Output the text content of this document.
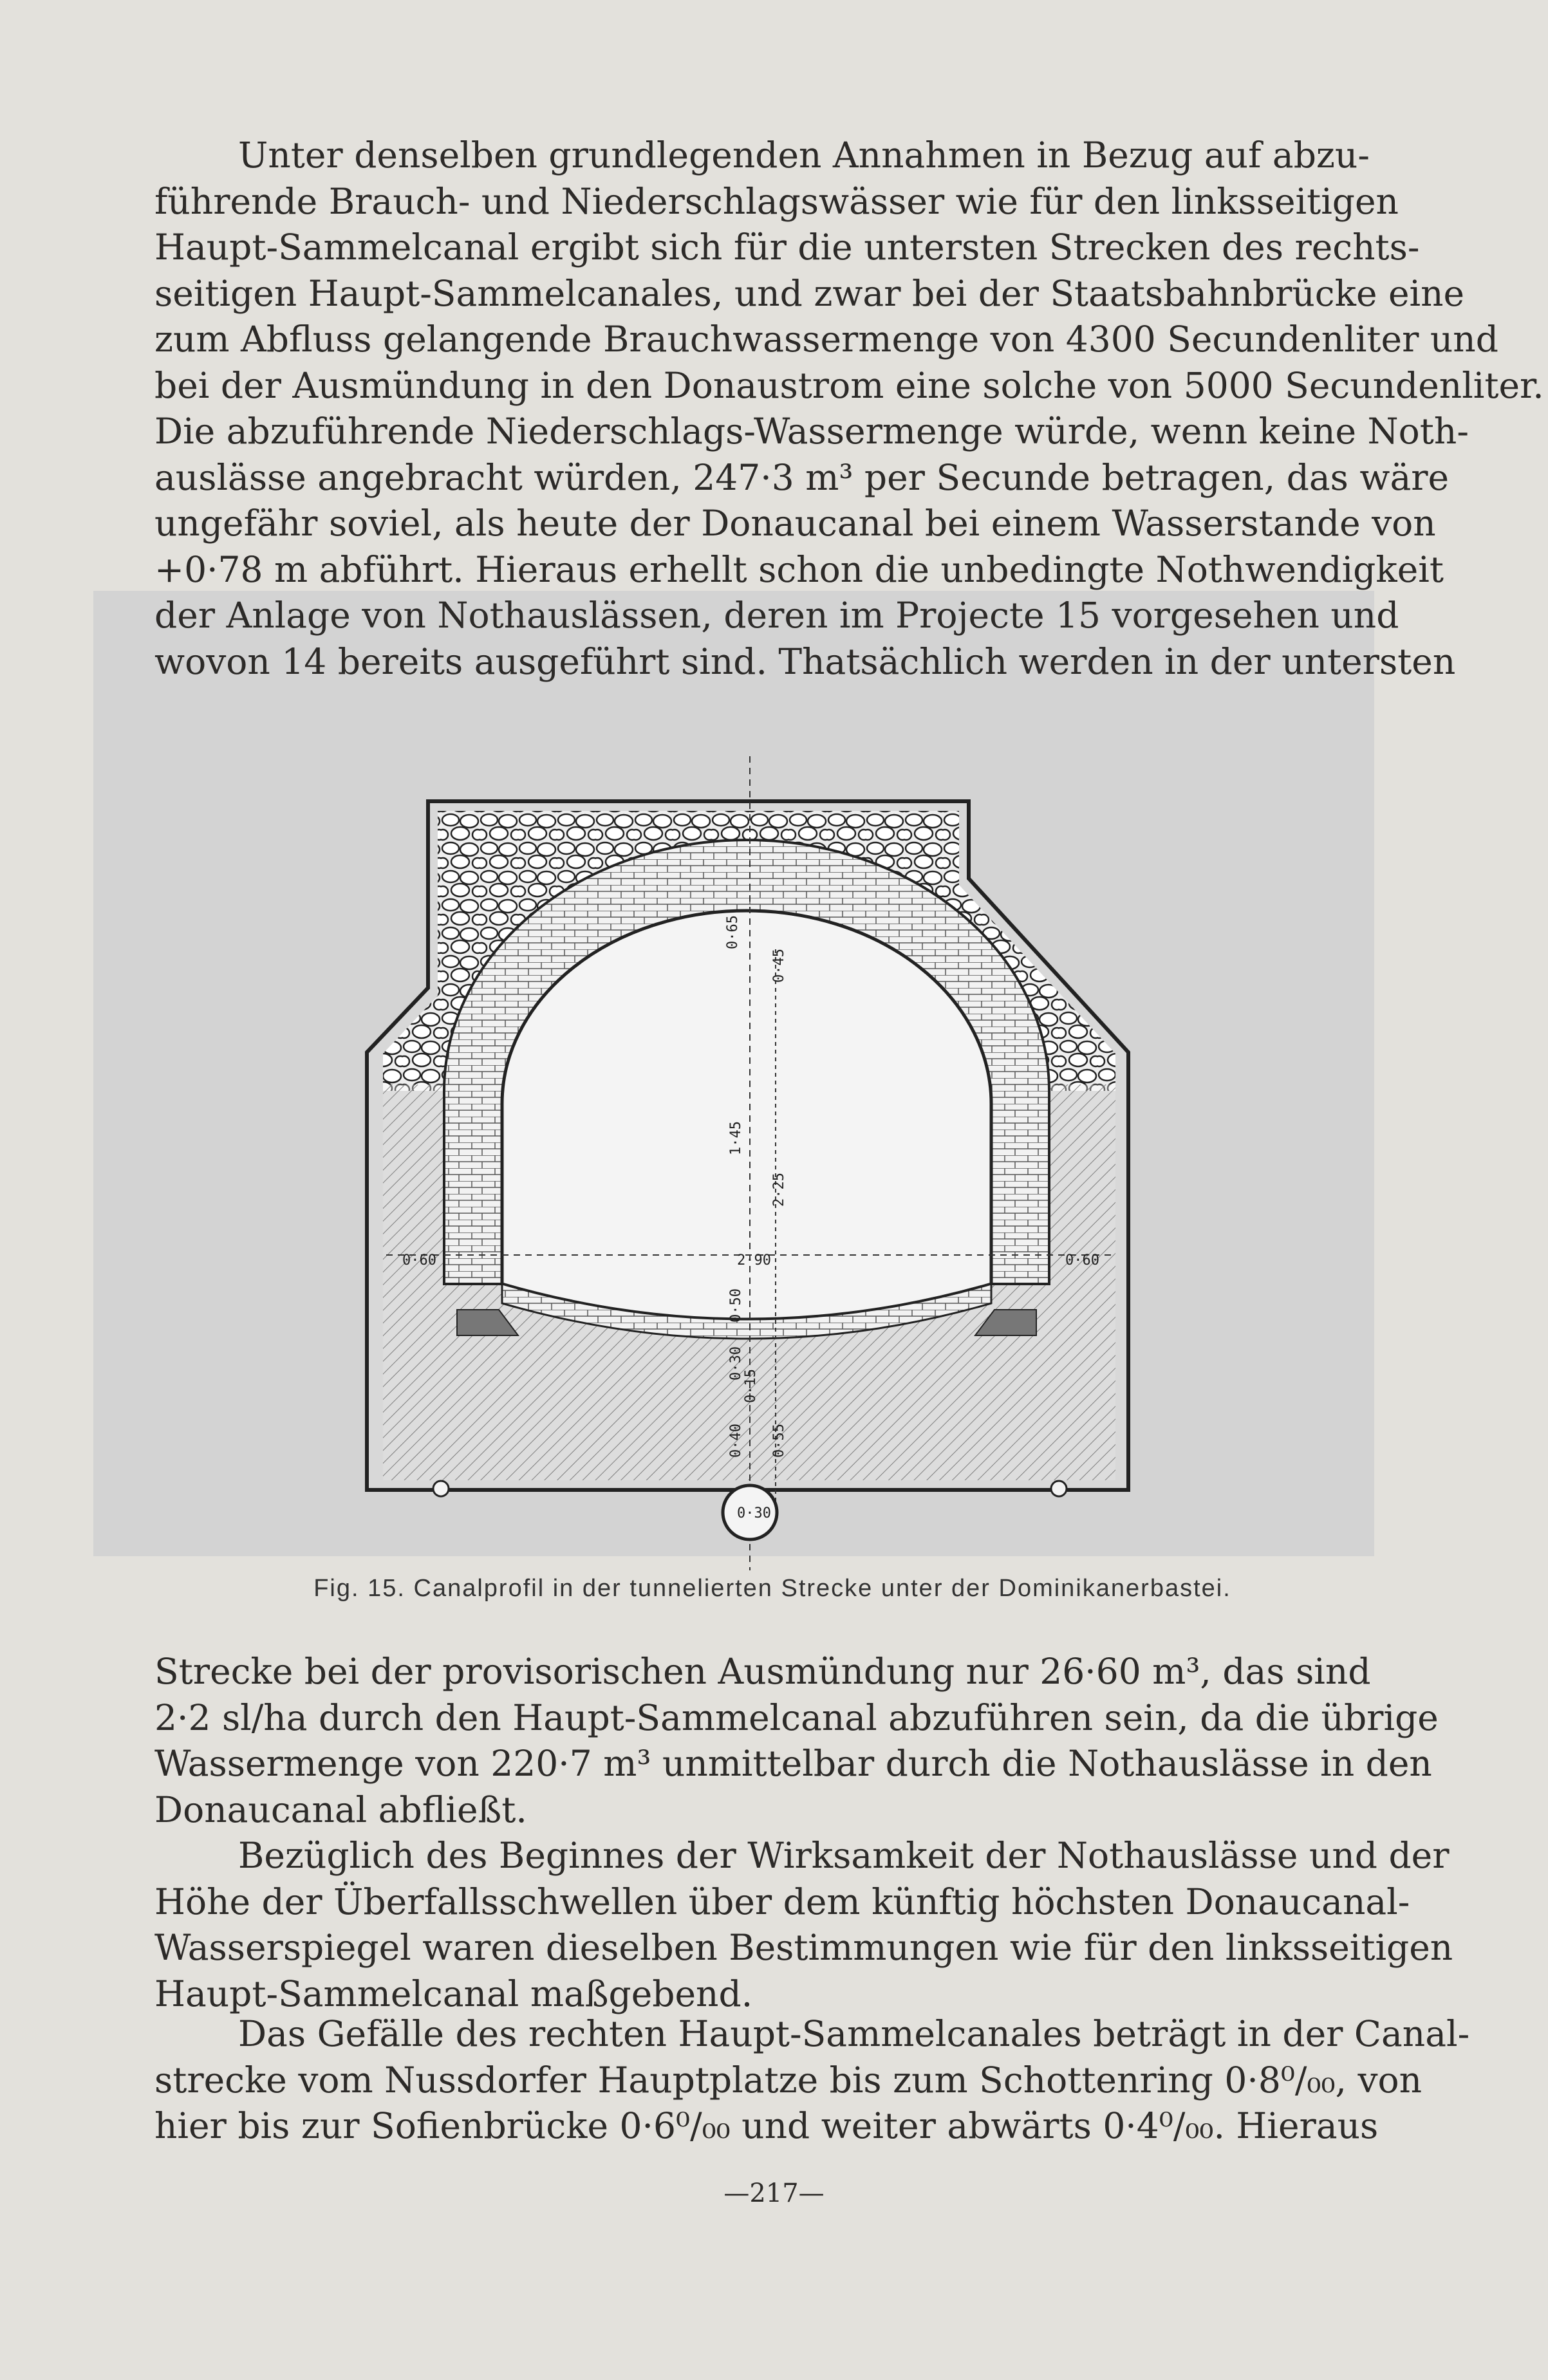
Unter denselben grundlegenden Annahmen in Bezug auf abzu-
führende Brauch- und Niederschlagswässer wie für den linksseitigen
Haupt-Sammelcanal ergibt sich für die untersten Strecken des rechts-
seitigen Haupt-Sammelcanales, und zwar bei der Staatsbahnbrücke eine
zum Abfluss gelangende Brauchwassermenge von 4300 Secundenliter und
bei der Ausmündung in den Donaustrom eine solche von 5000 Secundenliter.
Die abzuführende Niederschlags-Wassermenge würde, wenn keine Noth-
auslässe angebracht würden, 247·3 m³ per Secunde betragen, das wäre
ungefähr soviel, als heute der Donaucanal bei einem Wasserstande von
+0·78 m abführt. Hieraus erhellt schon die unbedingte Nothwendigkeit
der Anlage von Nothauslässen, deren im Projecte 15 vorgesehen und
wovon 14 bereits ausgeführt sind. Thatsächlich werden in der untersten
0·65
0·45
1·45
2·25
0·60	2·90	0·60
0·50
0·30
0·15
0·40 0·55
0·30
Fig. 15. Canalprofil in der tunnelierten Strecke unter der Dominikanerbastei.
Strecke bei der provisorischen Ausmündung nur 26·60 m³, das sind
2·2 sl/ha durch den Haupt-Sammelcanal abzuführen sein, da die übrige
Wassermenge von 220·7 m³ unmittelbar durch die Nothauslässe in den
Donaucanal abfließt.
Bezüglich des Beginnes der Wirksamkeit der Nothauslässe und der
Höhe der Überfallsschwellen über dem künftig höchsten Donaucanal-
Wasserspiegel waren dieselben Bestimmungen wie für den linksseitigen
Haupt-Sammelcanal maßgebend.
Das Gefälle des rechten Haupt-Sammelcanales beträgt in der Canal-
strecke vom Nussdorfer Hauptplatze bis zum Schottenring 0·8⁰/₀₀, von
hier bis zur Sofienbrücke 0·6⁰/₀₀ und weiter abwärts 0·4⁰/₀₀. Hieraus
—217—
